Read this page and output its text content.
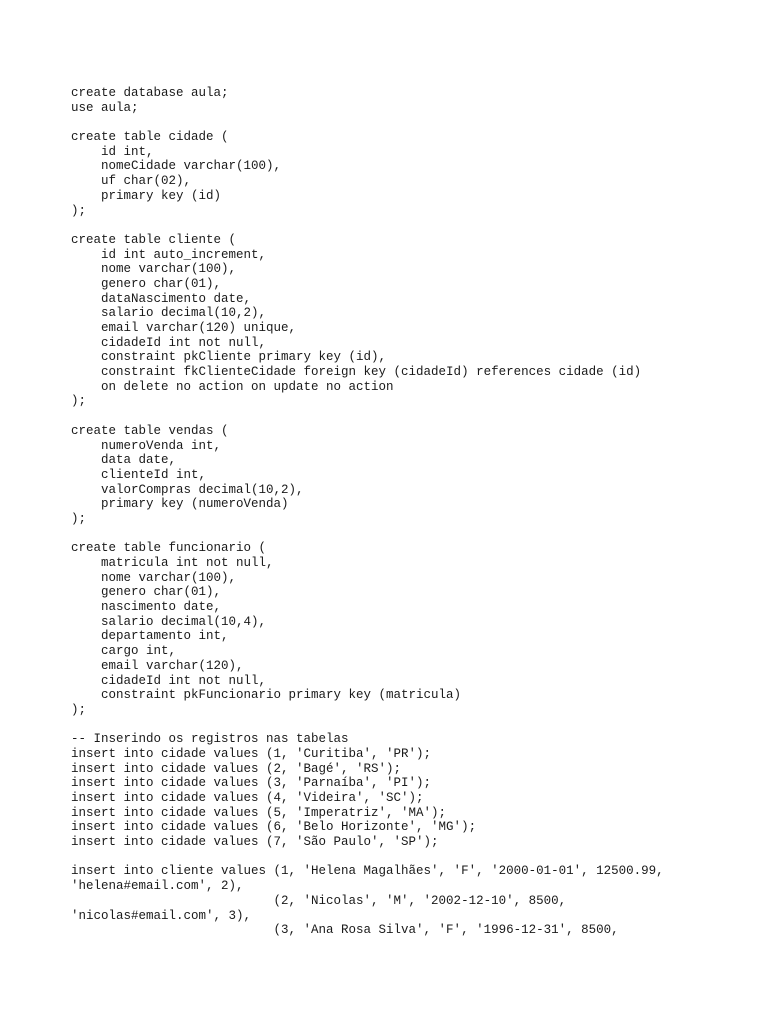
create database aula;
use aula;
create table cidade (
id int,
nomeCidade varchar(100),
uf char(02),
primary key (id)
);
create table cliente (
id int auto_increment,
nome varchar(100),
genero char(01),
dataNascimento date,
salario decimal(10,2),
email varchar(120) unique,
cidadeId int not null,
constraint pkCliente primary key (id),
constraint fkClienteCidade foreign key (cidadeId) references cidade (id)
on delete no action on update no action
);
create table vendas (
numeroVenda int,
data date,
clienteId int,
valorCompras decimal(10,2),
primary key (numeroVenda)
);
create table funcionario (
matricula int not null,
nome varchar(100),
genero char(01),
nascimento date,
salario decimal(10,4),
departamento int,
cargo int,
email varchar(120),
cidadeId int not null,
constraint pkFuncionario primary key (matricula)
);
-- Inserindo os registros nas tabelas
insert into cidade values (1, 'Curitiba', 'PR');
insert into cidade values (2, 'Bagé', 'RS');
insert into cidade values (3, 'Parnaíba', 'PI');
insert into cidade values (4, 'Videira', 'SC');
insert into cidade values (5, 'Imperatriz', 'MA');
insert into cidade values (6, 'Belo Horizonte', 'MG');
insert into cidade values (7, 'São Paulo', 'SP');
insert into cliente values (1, 'Helena Magalhães', 'F', '2000-01-01', 12500.99,
'helena#email.com', 2),
(2, 'Nicolas', 'M', '2002-12-10', 8500,
'nicolas#email.com', 3),
(3, 'Ana Rosa Silva', 'F', '1996-12-31', 8500,
